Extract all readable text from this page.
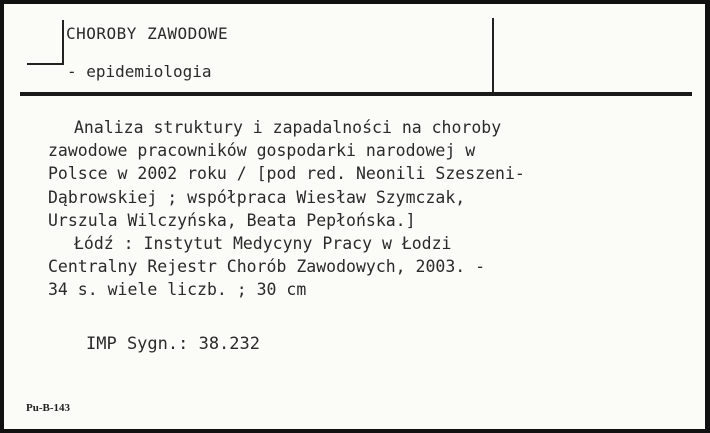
CHOROBY ZAWODOWE
- epidemiologia
Analiza struktury i zapadalności na choroby
zawodowe pracowników gospodarki narodowej w
Polsce w 2002 roku / [pod red. Neonili Szeszeni-
Dąbrowskiej ; współpraca Wiesław Szymczak,
Urszula Wilczyńska, Beata Pepłońska.]
Łódź : Instytut Medycyny Pracy w Łodzi
Centralny Rejestr Chorób Zawodowych, 2003. -
34 s. wiele liczb. ; 30 cm
IMP Sygn.: 38.232
Pu-B-143
